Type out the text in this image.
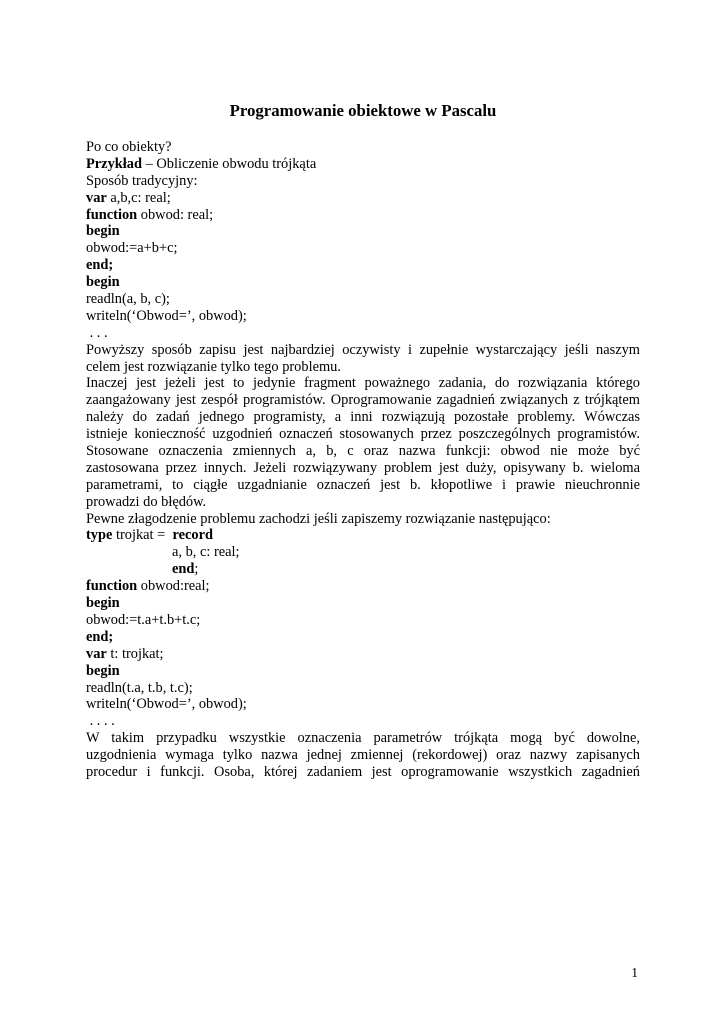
Programowanie obiektowe w Pascalu
Po co obiekty?
Przykład – Obliczenie obwodu trójkąta
Sposób tradycyjny:
var a,b,c: real;
function obwod: real;
begin
obwod:=a+b+c;
end;
begin
readln(a, b, c);
writeln(‘Obwod=’, obwod);
. . .
Powyższy sposób zapisu jest najbardziej oczywisty i zupełnie wystarczający jeśli naszym
celem jest rozwiązanie tylko tego problemu.
Inaczej jest jeżeli jest to jedynie fragment poważnego zadania, do rozwiązania którego
zaangażowany jest zespół programistów. Oprogramowanie zagadnień związanych z trójkątem
należy do zadań jednego programisty, a inni rozwiązują pozostałe problemy. Wówczas
istnieje konieczność uzgodnień oznaczeń stosowanych przez poszczególnych programistów.
Stosowane oznaczenia zmiennych a, b, c oraz nazwa funkcji: obwod nie może być
zastosowana przez innych. Jeżeli rozwiązywany problem jest duży, opisywany b. wieloma
parametrami, to ciągłe uzgadnianie oznaczeń jest b. kłopotliwe i prawie nieuchronnie
prowadzi do błędów.
Pewne złagodzenie problemu zachodzi jeśli zapiszemy rozwiązanie następująco:
type trojkat =  record
a, b, c: real;
end;
function obwod:real;
begin
obwod:=t.a+t.b+t.c;
end;
var t: trojkat;
begin
readln(t.a, t.b, t.c);
writeln(‘Obwod=’, obwod);
. . . .
W takim przypadku wszystkie oznaczenia parametrów trójkąta mogą być dowolne,
uzgodnienia wymaga tylko nazwa jednej zmiennej (rekordowej) oraz nazwy zapisanych
procedur i funkcji. Osoba, której zadaniem jest oprogramowanie wszystkich zagadnień
1
